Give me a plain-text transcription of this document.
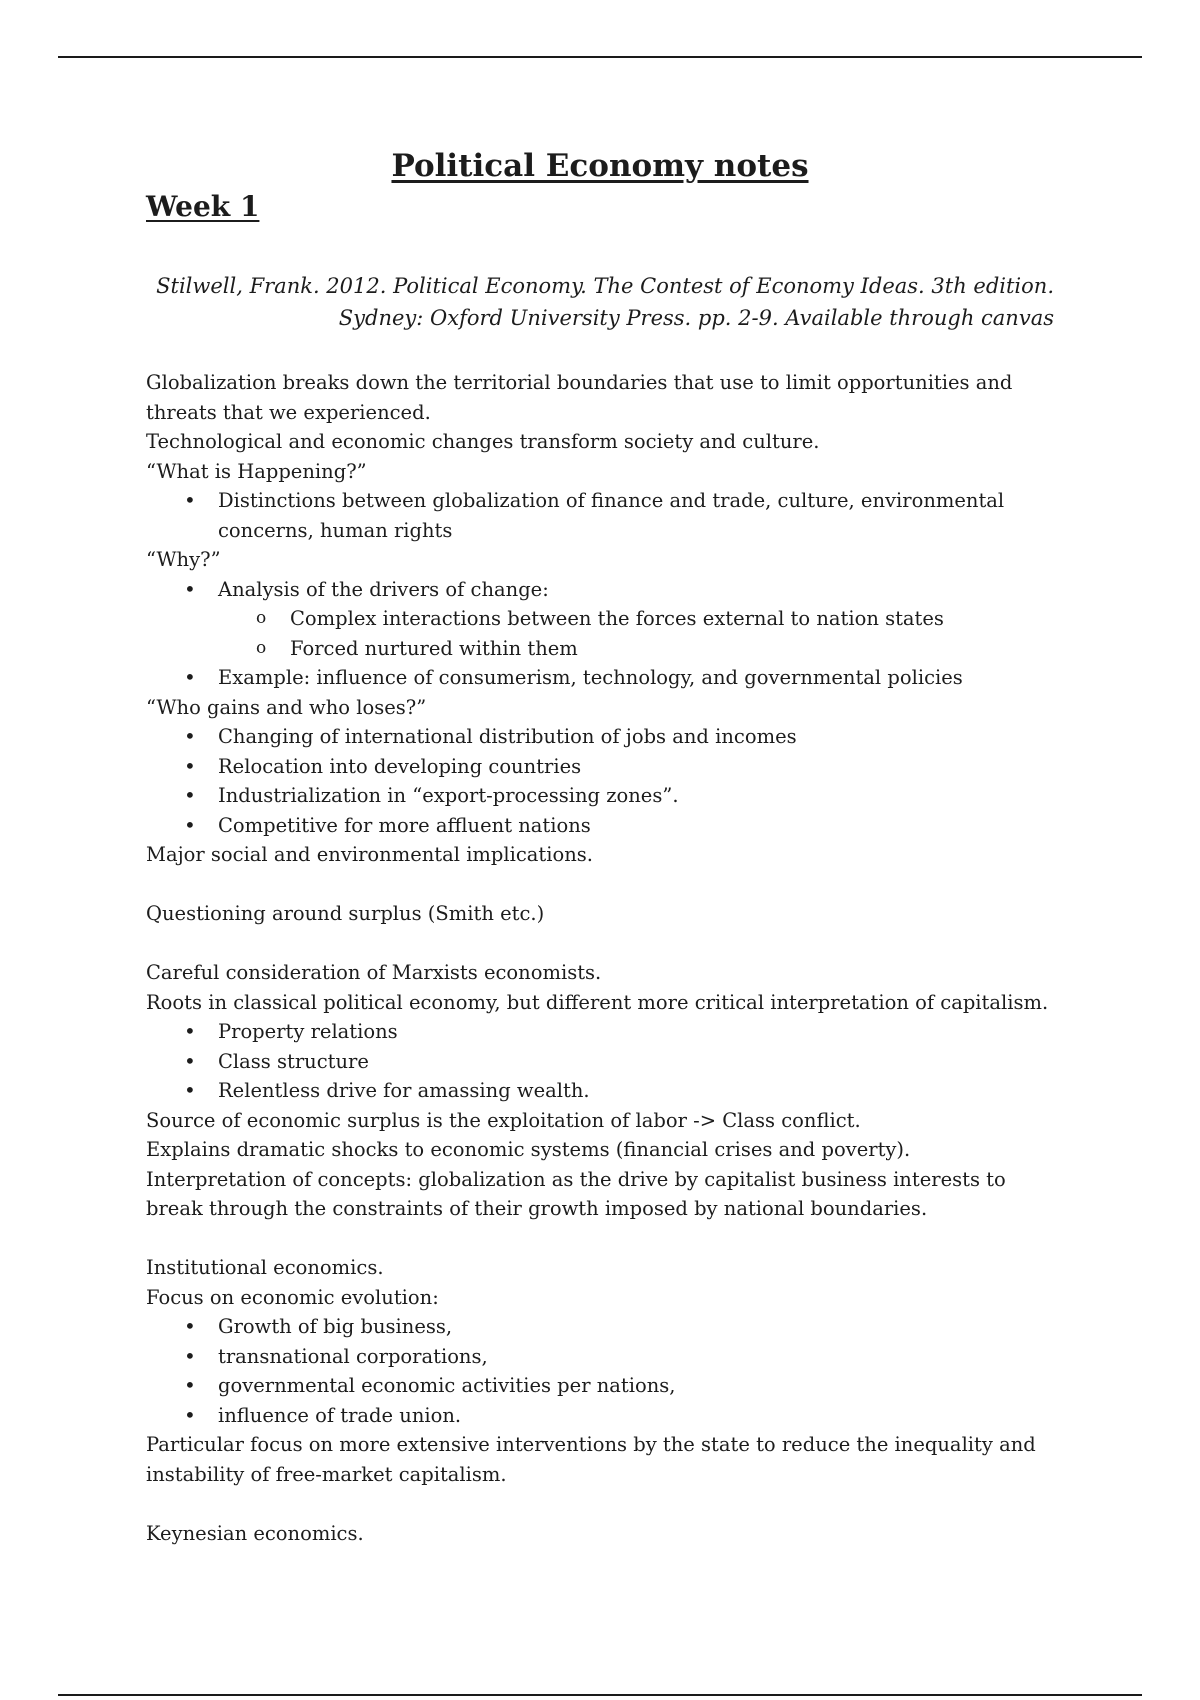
Political Economy notes
Week 1
Stilwell, Frank. 2012. Political Economy. The Contest of Economy Ideas. 3th edition.
Sydney: Oxford University Press. pp. 2-9. Available through canvas

Globalization breaks down the territorial boundaries that use to limit opportunities and threats that we experienced.

Technological and economic changes transform society and culture.

“What is Happening?”

• Distinctions between globalization of finance and trade, culture, environmental concerns, human rights

“Why?”

• Analysis of the drivers of change:
o Complex interactions between the forces external to nation states
o Forced nurtured within them
• Example: influence of consumerism, technology, and governmental policies

“Who gains and who loses?”

• Changing of international distribution of jobs and incomes
• Relocation into developing countries
• Industrialization in “export-processing zones”.
• Competitive for more affluent nations

Major social and environmental implications.

Questioning around surplus (Smith etc.)

Careful consideration of Marxists economists.

Roots in classical political economy, but different more critical interpretation of capitalism.

• Property relations
• Class structure
• Relentless drive for amassing wealth.

Source of economic surplus is the exploitation of labor -> Class conflict.

Explains dramatic shocks to economic systems (financial crises and poverty).

Interpretation of concepts: globalization as the drive by capitalist business interests to break through the constraints of their growth imposed by national boundaries.

Institutional economics.

Focus on economic evolution:

• Growth of big business,
• transnational corporations,
• governmental economic activities per nations,
• influence of trade union.

Particular focus on more extensive interventions by the state to reduce the inequality and instability of free-market capitalism.

Keynesian economics.
